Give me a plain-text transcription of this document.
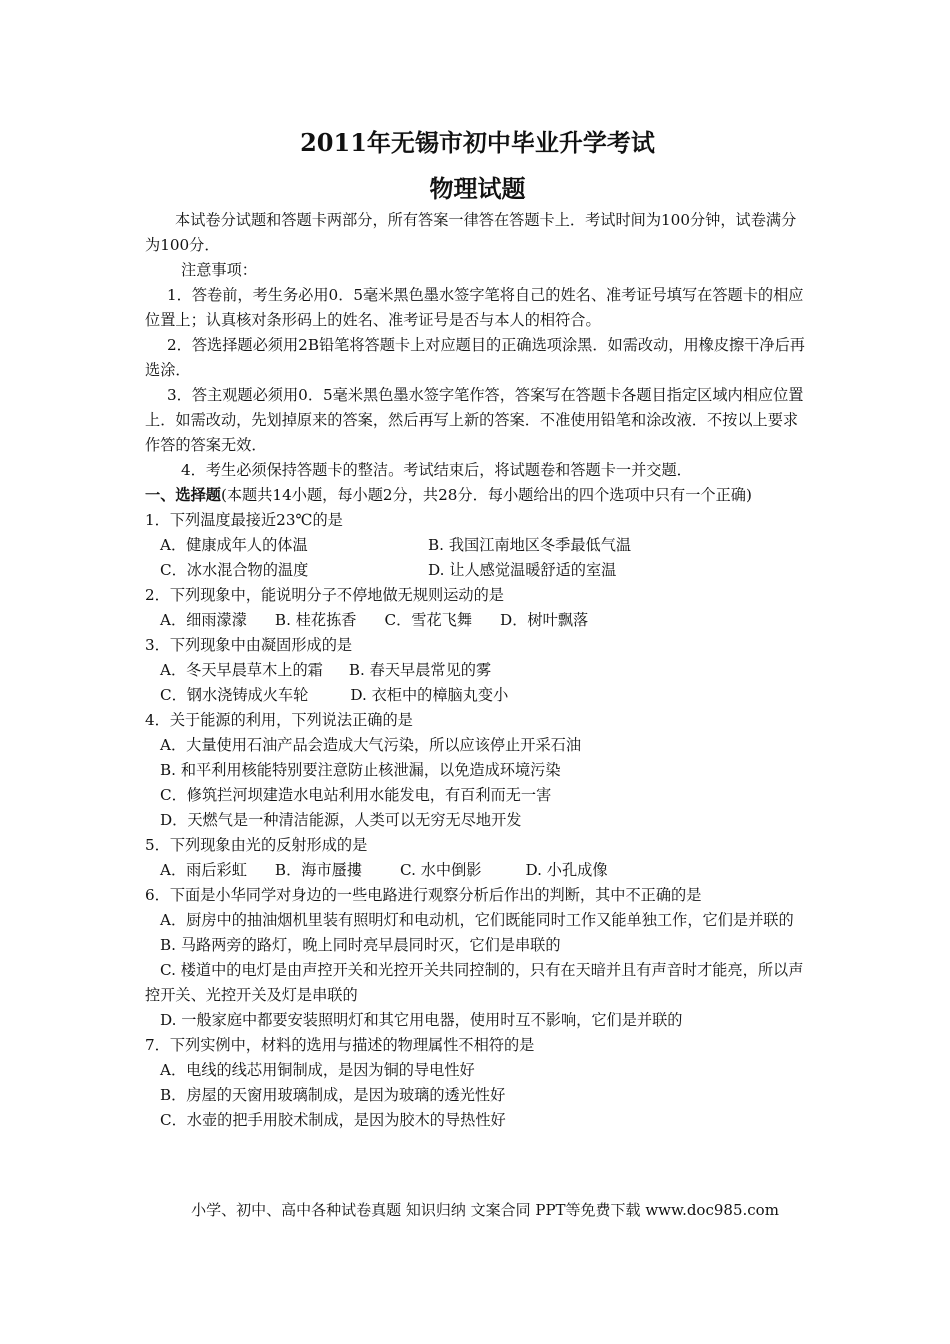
2011年无锡市初中毕业升学考试
物理试题

本试卷分试题和答题卡两部分，所有答案一律答在答题卡上．考试时间为100分钟，试卷满分为100分．

注意事项：

1．答卷前，考生务必用0．5毫米黑色墨水签字笔将自己的姓名、准考证号填写在答题卡的相应位置上；认真核对条形码上的姓名、准考证号是否与本人的相符合。

2．答选择题必须用2B铅笔将答题卡上对应题目的正确选项涂黑．如需改动，用橡皮擦干净后再选涂．

3．答主观题必须用0．5毫米黑色墨水签字笔作答，答案写在答题卡各题目指定区域内相应位置上．如需改动，先划掉原来的答案，然后再写上新的答案．不准使用铅笔和涂改液．不按以上要求作答的答案无效．

4．考生必须保持答题卡的整洁。考试结束后，将试题卷和答题卡一并交题．

一、选择题(本题共14小题，每小题2分，共28分．每小题给出的四个选项中只有一个正确)

1．下列温度最接近23℃的是

A．健康成年人的体温	B. 我国江南地区冬季最低气温
C．冰水混合物的温度	D. 让人感觉温暖舒适的室温

2．下列现象中，能说明分子不停地做无规则运动的是

A．细雨濛濛 B. 桂花拣香 C．雪花飞舞 D．树叶飘落

3．下列现象中由凝固形成的是

A．冬天早晨草木上的霜 B. 春天早晨常见的雾
C．钢水浇铸成火车轮	D. 衣柜中的樟脑丸变小

4．关于能源的利用，下列说法正确的是

A．大量使用石油产品会造成大气污染，所以应该停止开采石油

B. 和平利用核能特别要注意防止核泄漏，以免造成环境污染

C．修筑拦河坝建造水电站利用水能发电，有百利而无一害

D．天燃气是一种清洁能源，人类可以无穷无尽地开发

5．下列现象由光的反射形成的是

A．雨后彩虹 B．海市蜃摟	C. 水中倒影	D. 小孔成像

6．下面是小华同学对身边的一些电路进行观察分析后作出的判断，其中不正确的是

A．厨房中的抽油烟机里装有照明灯和电动机，它们既能同时工作又能单独工作，它们是并联的

B. 马路两旁的路灯，晚上同时亮早晨同时灭，它们是串联的

C. 楼道中的电灯是由声控开关和光控开关共同控制的，只有在天暗并且有声音时才能亮，所以声控开关、光控开关及灯是串联的

D. 一般家庭中都要安装照明灯和其它用电器，使用时互不影响，它们是并联的

7．下列实例中，材料的选用与描述的物理属性不相符的是

A．电线的线芯用铜制成，是因为铜的导电性好

B．房屋的天窗用玻璃制成，是因为玻璃的透光性好

C．水壶的把手用胶术制成，是因为胶木的导热性好

小学、初中、高中各种试卷真题 知识归纳 文案合同 PPT等免费下载 www.doc985.com
